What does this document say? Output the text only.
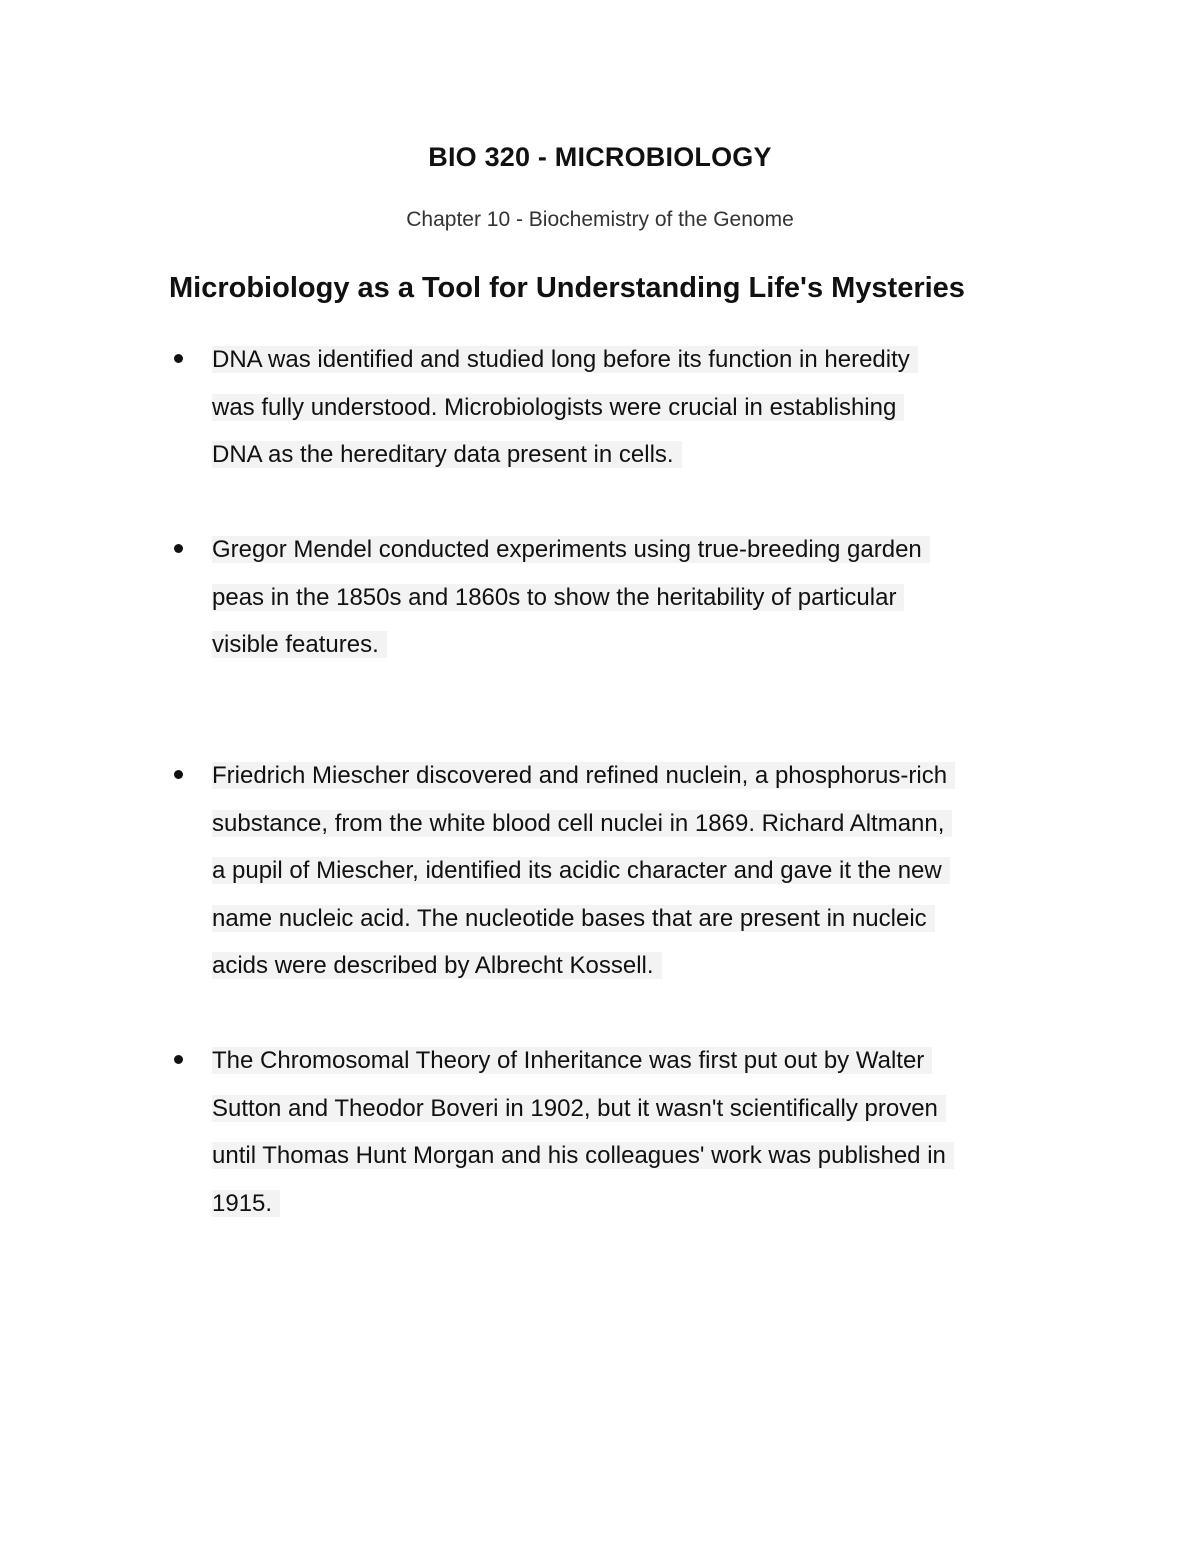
BIO 320 - MICROBIOLOGY

Chapter 10 - Biochemistry of the Genome

Microbiology as a Tool for Understanding Life's Mysteries
DNA was identified and studied long before its function in heredity
was fully understood. Microbiologists were crucial in establishing
DNA as the hereditary data present in cells.
Gregor Mendel conducted experiments using true-breeding garden
peas in the 1850s and 1860s to show the heritability of particular
visible features.
Friedrich Miescher discovered and refined nuclein, a phosphorus-rich
substance, from the white blood cell nuclei in 1869. Richard Altmann,
a pupil of Miescher, identified its acidic character and gave it the new
name nucleic acid. The nucleotide bases that are present in nucleic
acids were described by Albrecht Kossell.
The Chromosomal Theory of Inheritance was first put out by Walter
Sutton and Theodor Boveri in 1902, but it wasn't scientifically proven
until Thomas Hunt Morgan and his colleagues' work was published in
1915.
